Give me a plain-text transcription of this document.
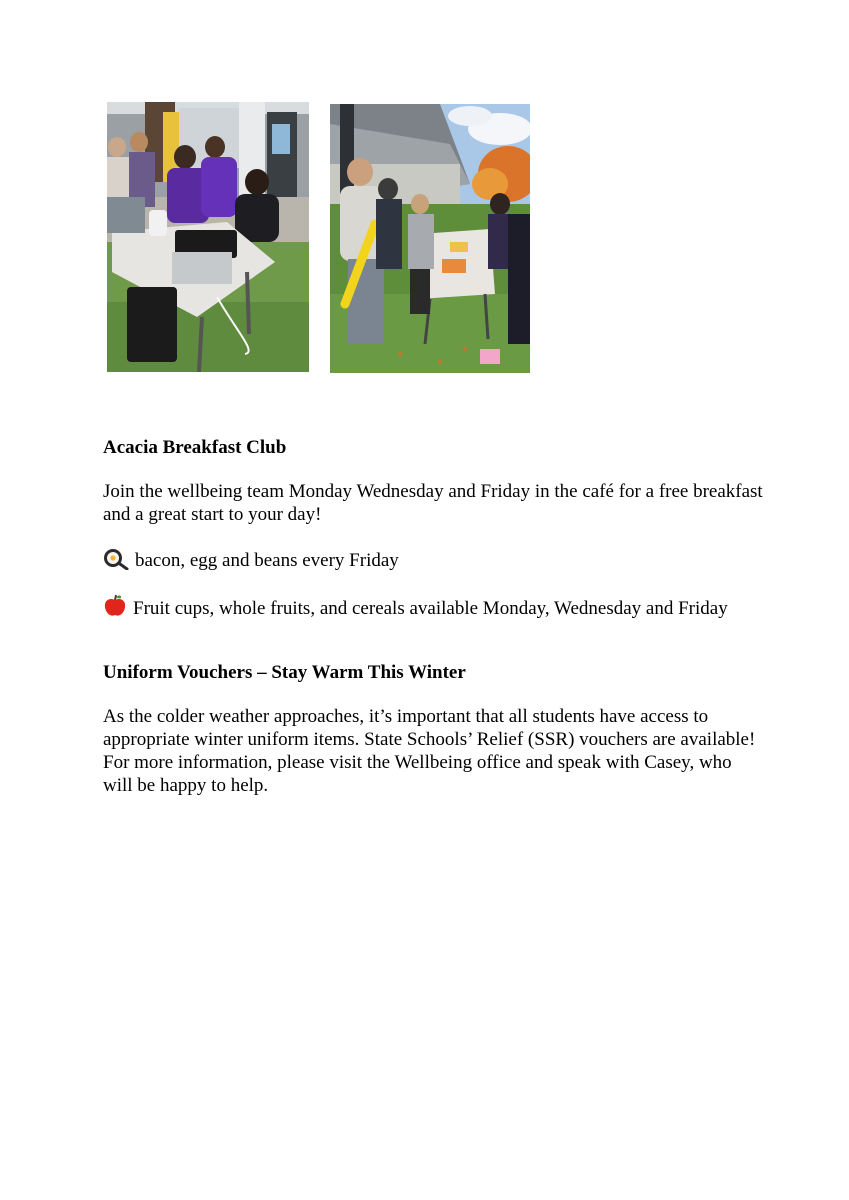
Acacia Breakfast Club
Join the wellbeing team Monday Wednesday and Friday in the café for a free breakfast and a great start to your day!
bacon, egg and beans every Friday
Fruit cups, whole fruits, and cereals available Monday, Wednesday and Friday
Uniform Vouchers – Stay Warm This Winter
As the colder weather approaches, it’s important that all students have access to appropriate winter uniform items. State Schools’ Relief (SSR) vouchers are available! For more information, please visit the Wellbeing office and speak with Casey, who will be happy to help.
